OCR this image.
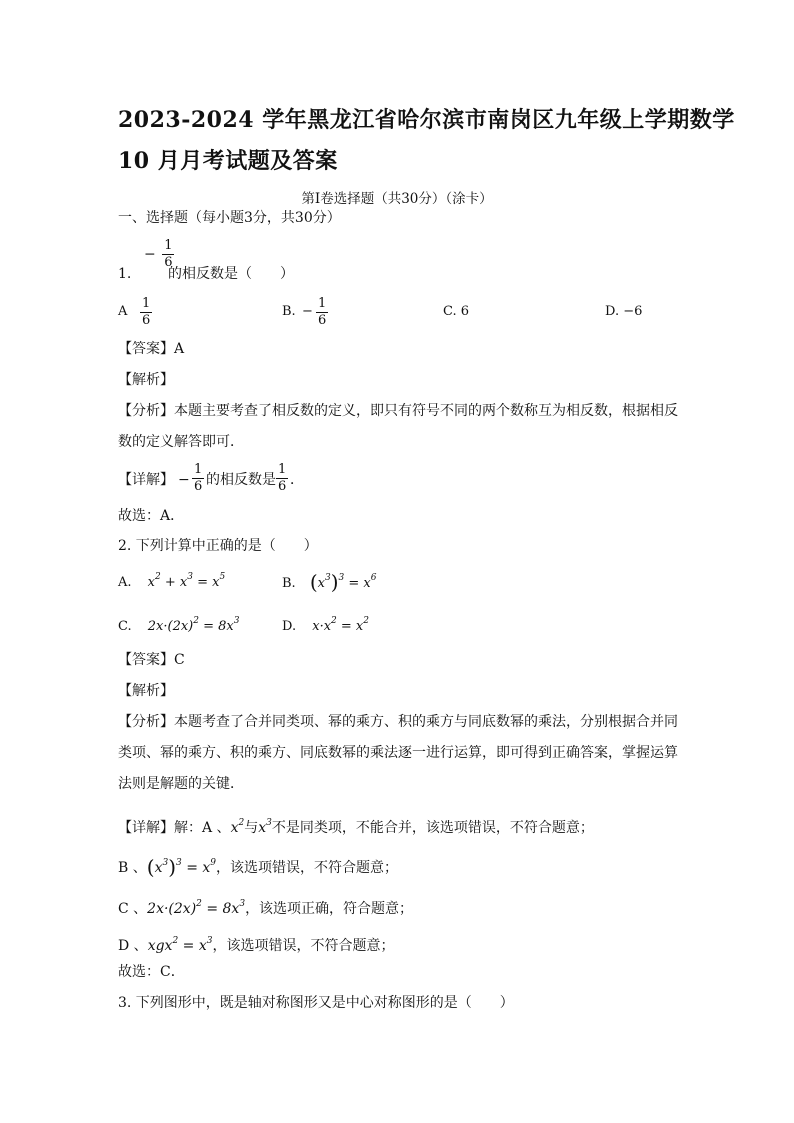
2023-2024 学年黑龙江省哈尔滨市南岗区九年级上学期数学
10 月月考试题及答案
第Ⅰ卷选择题（共30分）（涂卡）
一、选择题（每小题3分，共30分）
1.
− $\frac{1}{6}$
的相反数是（　　）
A $\frac{1}{6}$	B. − $\frac{1}{6}$	C. 6	D. −6
【答案】A
【解析】
【分析】本题主要考查了相反数的定义，即只有符号不同的两个数称互为相反数，根据相反
数的定义解答即可．
【详解】 − $\frac{1}{6}$ 的相反数是 $\frac{1}{6}$ ．
故选：A．
2. 下列计算中正确的是（　　）
A. $x^2 + x^3 = x^5$	B. $(x^3)^3 = x^6$
C. $2x\cdot(2x)^2 = 8x^3$	D. $x\cdot x^2 = x^2$
【答案】C
【解析】
【分析】本题考查了合并同类项、幂的乘方、积的乘方与同底数幂的乘法，分别根据合并同
类项、幂的乘方、积的乘方、同底数幂的乘法逐一进行运算，即可得到正确答案，掌握运算
法则是解题的关键．
【详解】解：A 、$x^2$与$x^3$不是同类项，不能合并，该选项错误，不符合题意；
B 、$(x^3)^3 = x^9$，该选项错误，不符合题意；
C 、$2x\cdot(2x)^2 = 8x^3$，该选项正确，符合题意；
D 、$xgx^2 = x^3$，该选项错误，不符合题意；
故选：C．
3. 下列图形中，既是轴对称图形又是中心对称图形的是（　　）
